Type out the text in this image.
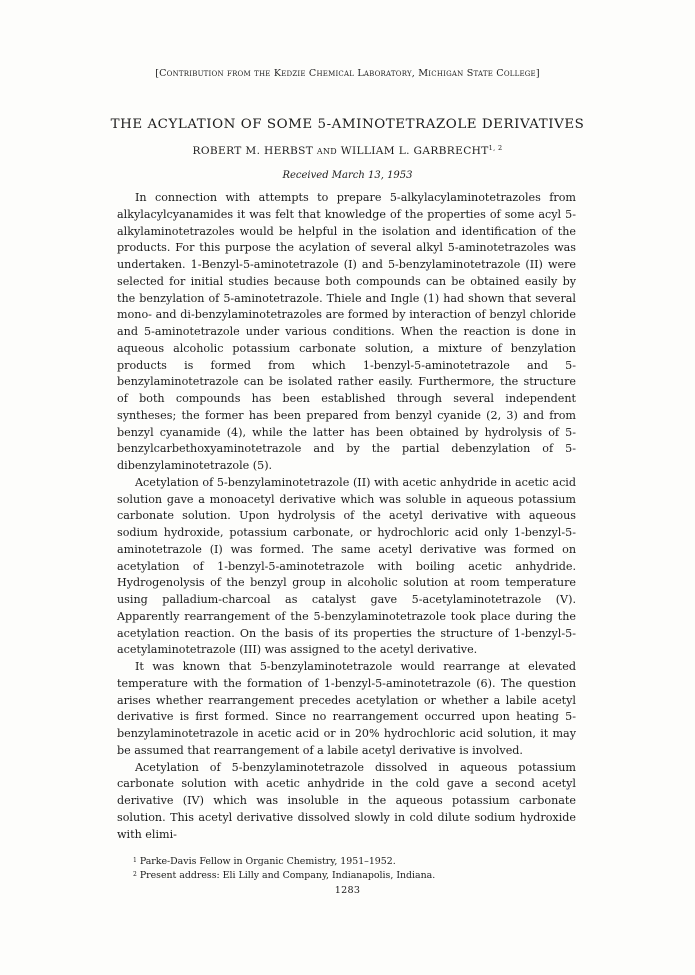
[Contribution from the Kedzie Chemical Laboratory, Michigan State College]
THE ACYLATION OF SOME 5-AMINOTETRAZOLE DERIVATIVES
ROBERT M. HERBST AND WILLIAM L. GARBRECHT$^{1, 2}$
Received March 13, 1953

In connection with attempts to prepare 5-alkylacylaminotetrazoles from alkylacylcyanamides it was felt that knowledge of the properties of some acyl 5-alkylaminotetrazoles would be helpful in the isolation and identification of the products. For this purpose the acylation of several alkyl 5-aminotetrazoles was undertaken. 1-Benzyl-5-aminotetrazole (I) and 5-benzylaminotetrazole (II) were selected for initial studies because both compounds can be obtained easily by the benzylation of 5-aminotetrazole. Thiele and Ingle (1) had shown that several mono- and di-benzylaminotetrazoles are formed by interaction of benzyl chloride and 5-aminotetrazole under various conditions. When the reaction is done in aqueous alcoholic potassium carbonate solution, a mixture of benzylation products is formed from which 1-benzyl-5-aminotetrazole and 5-benzylaminotetrazole can be isolated rather easily. Furthermore, the structure of both compounds has been established through several independent syntheses; the former has been prepared from benzyl cyanide (2, 3) and from benzyl cyanamide (4), while the latter has been obtained by hydrolysis of 5-benzylcarbethoxyaminotetrazole and by the partial debenzylation of 5-dibenzylaminotetrazole (5).

Acetylation of 5-benzylaminotetrazole (II) with acetic anhydride in acetic acid solution gave a monoacetyl derivative which was soluble in aqueous potassium carbonate solution. Upon hydrolysis of the acetyl derivative with aqueous sodium hydroxide, potassium carbonate, or hydrochloric acid only 1-benzyl-5-aminotetrazole (I) was formed. The same acetyl derivative was formed on acetylation of 1-benzyl-5-aminotetrazole with boiling acetic anhydride. Hydrogenolysis of the benzyl group in alcoholic solution at room temperature using palladium-charcoal as catalyst gave 5-acetylaminotetrazole (V). Apparently rearrangement of the 5-benzylaminotetrazole took place during the acetylation reaction. On the basis of its properties the structure of 1-benzyl-5-acetylaminotetrazole (III) was assigned to the acetyl derivative.

It was known that 5-benzylaminotetrazole would rearrange at elevated temperature with the formation of 1-benzyl-5-aminotetrazole (6). The question arises whether rearrangement precedes acetylation or whether a labile acetyl derivative is first formed. Since no rearrangement occurred upon heating 5-benzylaminotetrazole in acetic acid or in 20% hydrochloric acid solution, it may be assumed that rearrangement of a labile acetyl derivative is involved.

Acetylation of 5-benzylaminotetrazole dissolved in aqueous potassium carbonate solution with acetic anhydride in the cold gave a second acetyl derivative (IV) which was insoluble in the aqueous potassium carbonate solution. This acetyl derivative dissolved slowly in cold dilute sodium hydroxide with elimi-

$^1$ Parke-Davis Fellow in Organic Chemistry, 1951–1952.
$^2$ Present address: Eli Lilly and Company, Indianapolis, Indiana.
1283
